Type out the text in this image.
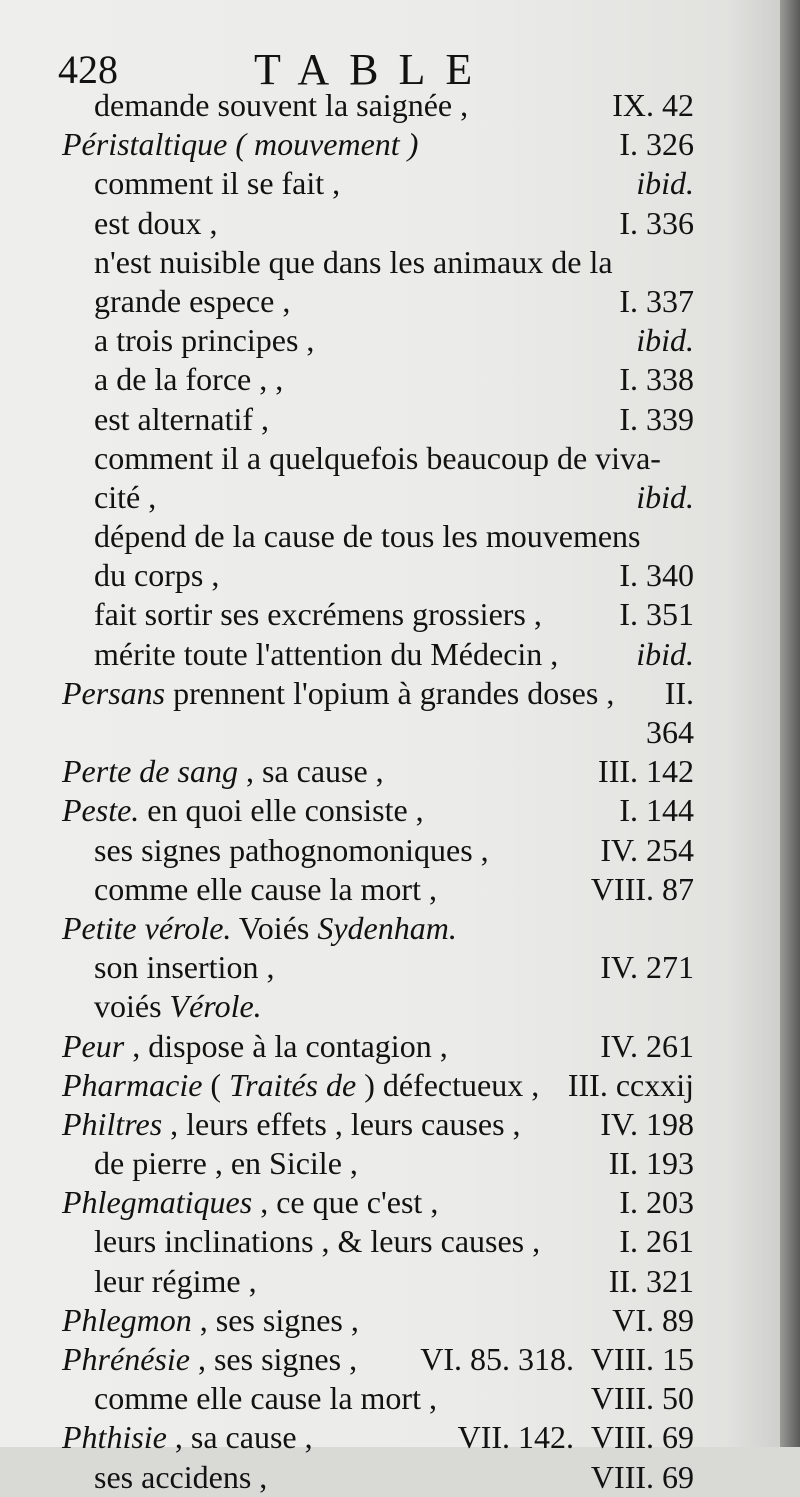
428	TABLE
demande souvent la saignée ,	IX. 42
Péristaltique ( mouvement )	I. 326
comment il se fait ,	ibid.
est doux ,	I. 336
n'est nuisible que dans les animaux de la
grande espece ,	I. 337
a trois principes ,	ibid.
a de la force , ,	I. 338
est alternatif ,	I. 339
comment il a quelquefois beaucoup de viva-
cité ,	ibid.
dépend de la cause de tous les mouvemens
du corps ,	I. 340
fait sortir ses excrémens grossiers , I. 351
mérite toute l'attention du Médecin , ibid.
Persans prennent l'opium à grandes doses , II.
364
Perte de sang , sa cause ,	III. 142
Peste. en quoi elle consiste ,	I. 144
ses signes pathognomoniques ,	IV. 254
comme elle cause la mort ,	VIII. 87
Petite vérole. Voiés Sydenham.
son insertion ,	IV. 271
voiés Vérole.
Peur , dispose à la contagion ,	IV. 261
Pharmacie ( Traités de ) défectueux , III. ccxxij
Philtres , leurs effets , leurs causes , IV. 198
de pierre , en Sicile ,	II. 193
Phlegmatiques , ce que c'est ,	I. 203
leurs inclinations , & leurs causes , I. 261
leur régime ,	II. 321
Phlegmon , ses signes ,	VI. 89
Phrénésie , ses signes , VI. 85. 318. VIII. 15
comme elle cause la mort ,	VIII. 50
Phthisie , sa cause ,	VII. 142. VIII. 69
ses accidens ,	VIII. 69
